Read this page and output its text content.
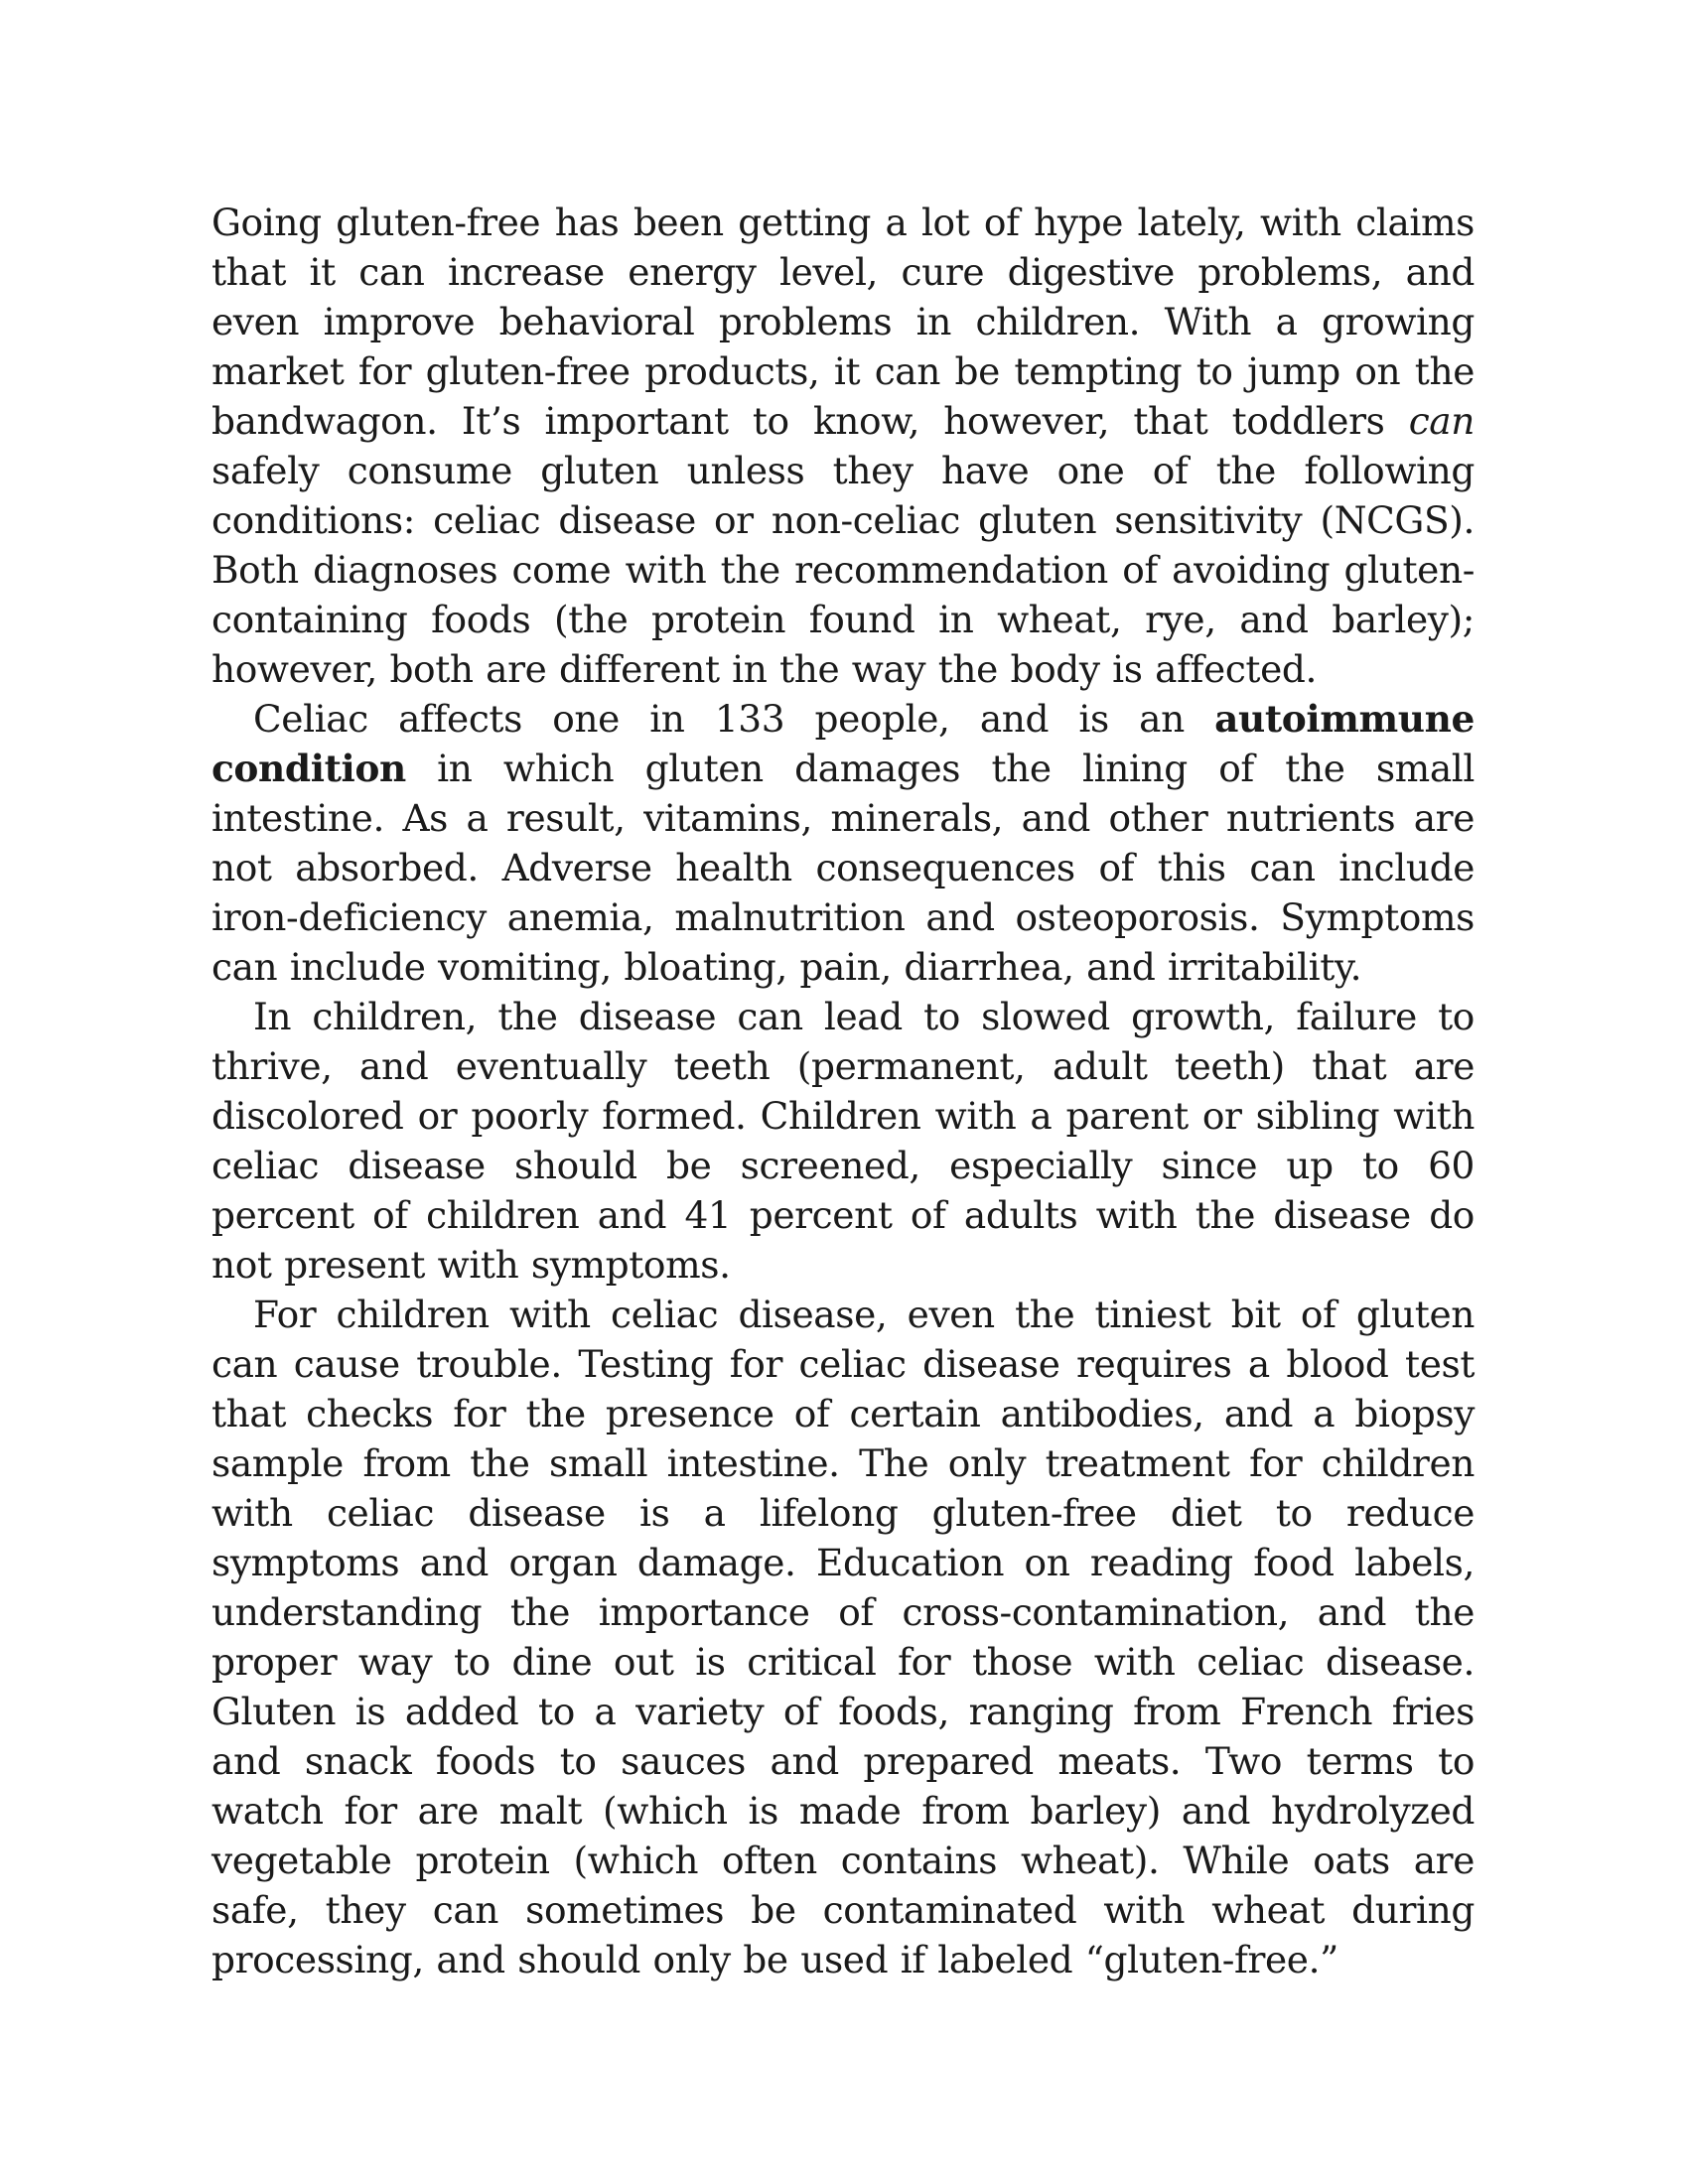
Going gluten-free has been getting a lot of hype lately, with claims that it can increase energy level, cure digestive problems, and even improve behavioral problems in children. With a growing market for gluten-free products, it can be tempting to jump on the bandwagon. It’s important to know, however, that toddlers can safely consume gluten unless they have one of the following conditions: celiac disease or non-celiac gluten sensitivity (NCGS). Both diagnoses come with the recommendation of avoiding gluten-containing foods (the protein found in wheat, rye, and barley); however, both are different in the way the body is affected.

Celiac affects one in 133 people, and is an autoimmune condition in which gluten damages the lining of the small intestine. As a result, vitamins, minerals, and other nutrients are not absorbed. Adverse health consequences of this can include iron-deficiency anemia, malnutrition and osteoporosis. Symptoms can include vomiting, bloating, pain, diarrhea, and irritability.

In children, the disease can lead to slowed growth, failure to thrive, and eventually teeth (permanent, adult teeth) that are discolored or poorly formed. Children with a parent or sibling with celiac disease should be screened, especially since up to 60 percent of children and 41 percent of adults with the disease do not present with symptoms.

For children with celiac disease, even the tiniest bit of gluten can cause trouble. Testing for celiac disease requires a blood test that checks for the presence of certain antibodies, and a biopsy sample from the small intestine. The only treatment for children with celiac disease is a lifelong gluten-free diet to reduce symptoms and organ damage. Education on reading food labels, understanding the importance of cross-contamination, and the proper way to dine out is critical for those with celiac disease. Gluten is added to a variety of foods, ranging from French fries and snack foods to sauces and prepared meats. Two terms to watch for are malt (which is made from barley) and hydrolyzed vegetable protein (which often contains wheat). While oats are safe, they can sometimes be contaminated with wheat during processing, and should only be used if labeled “gluten-free.”
